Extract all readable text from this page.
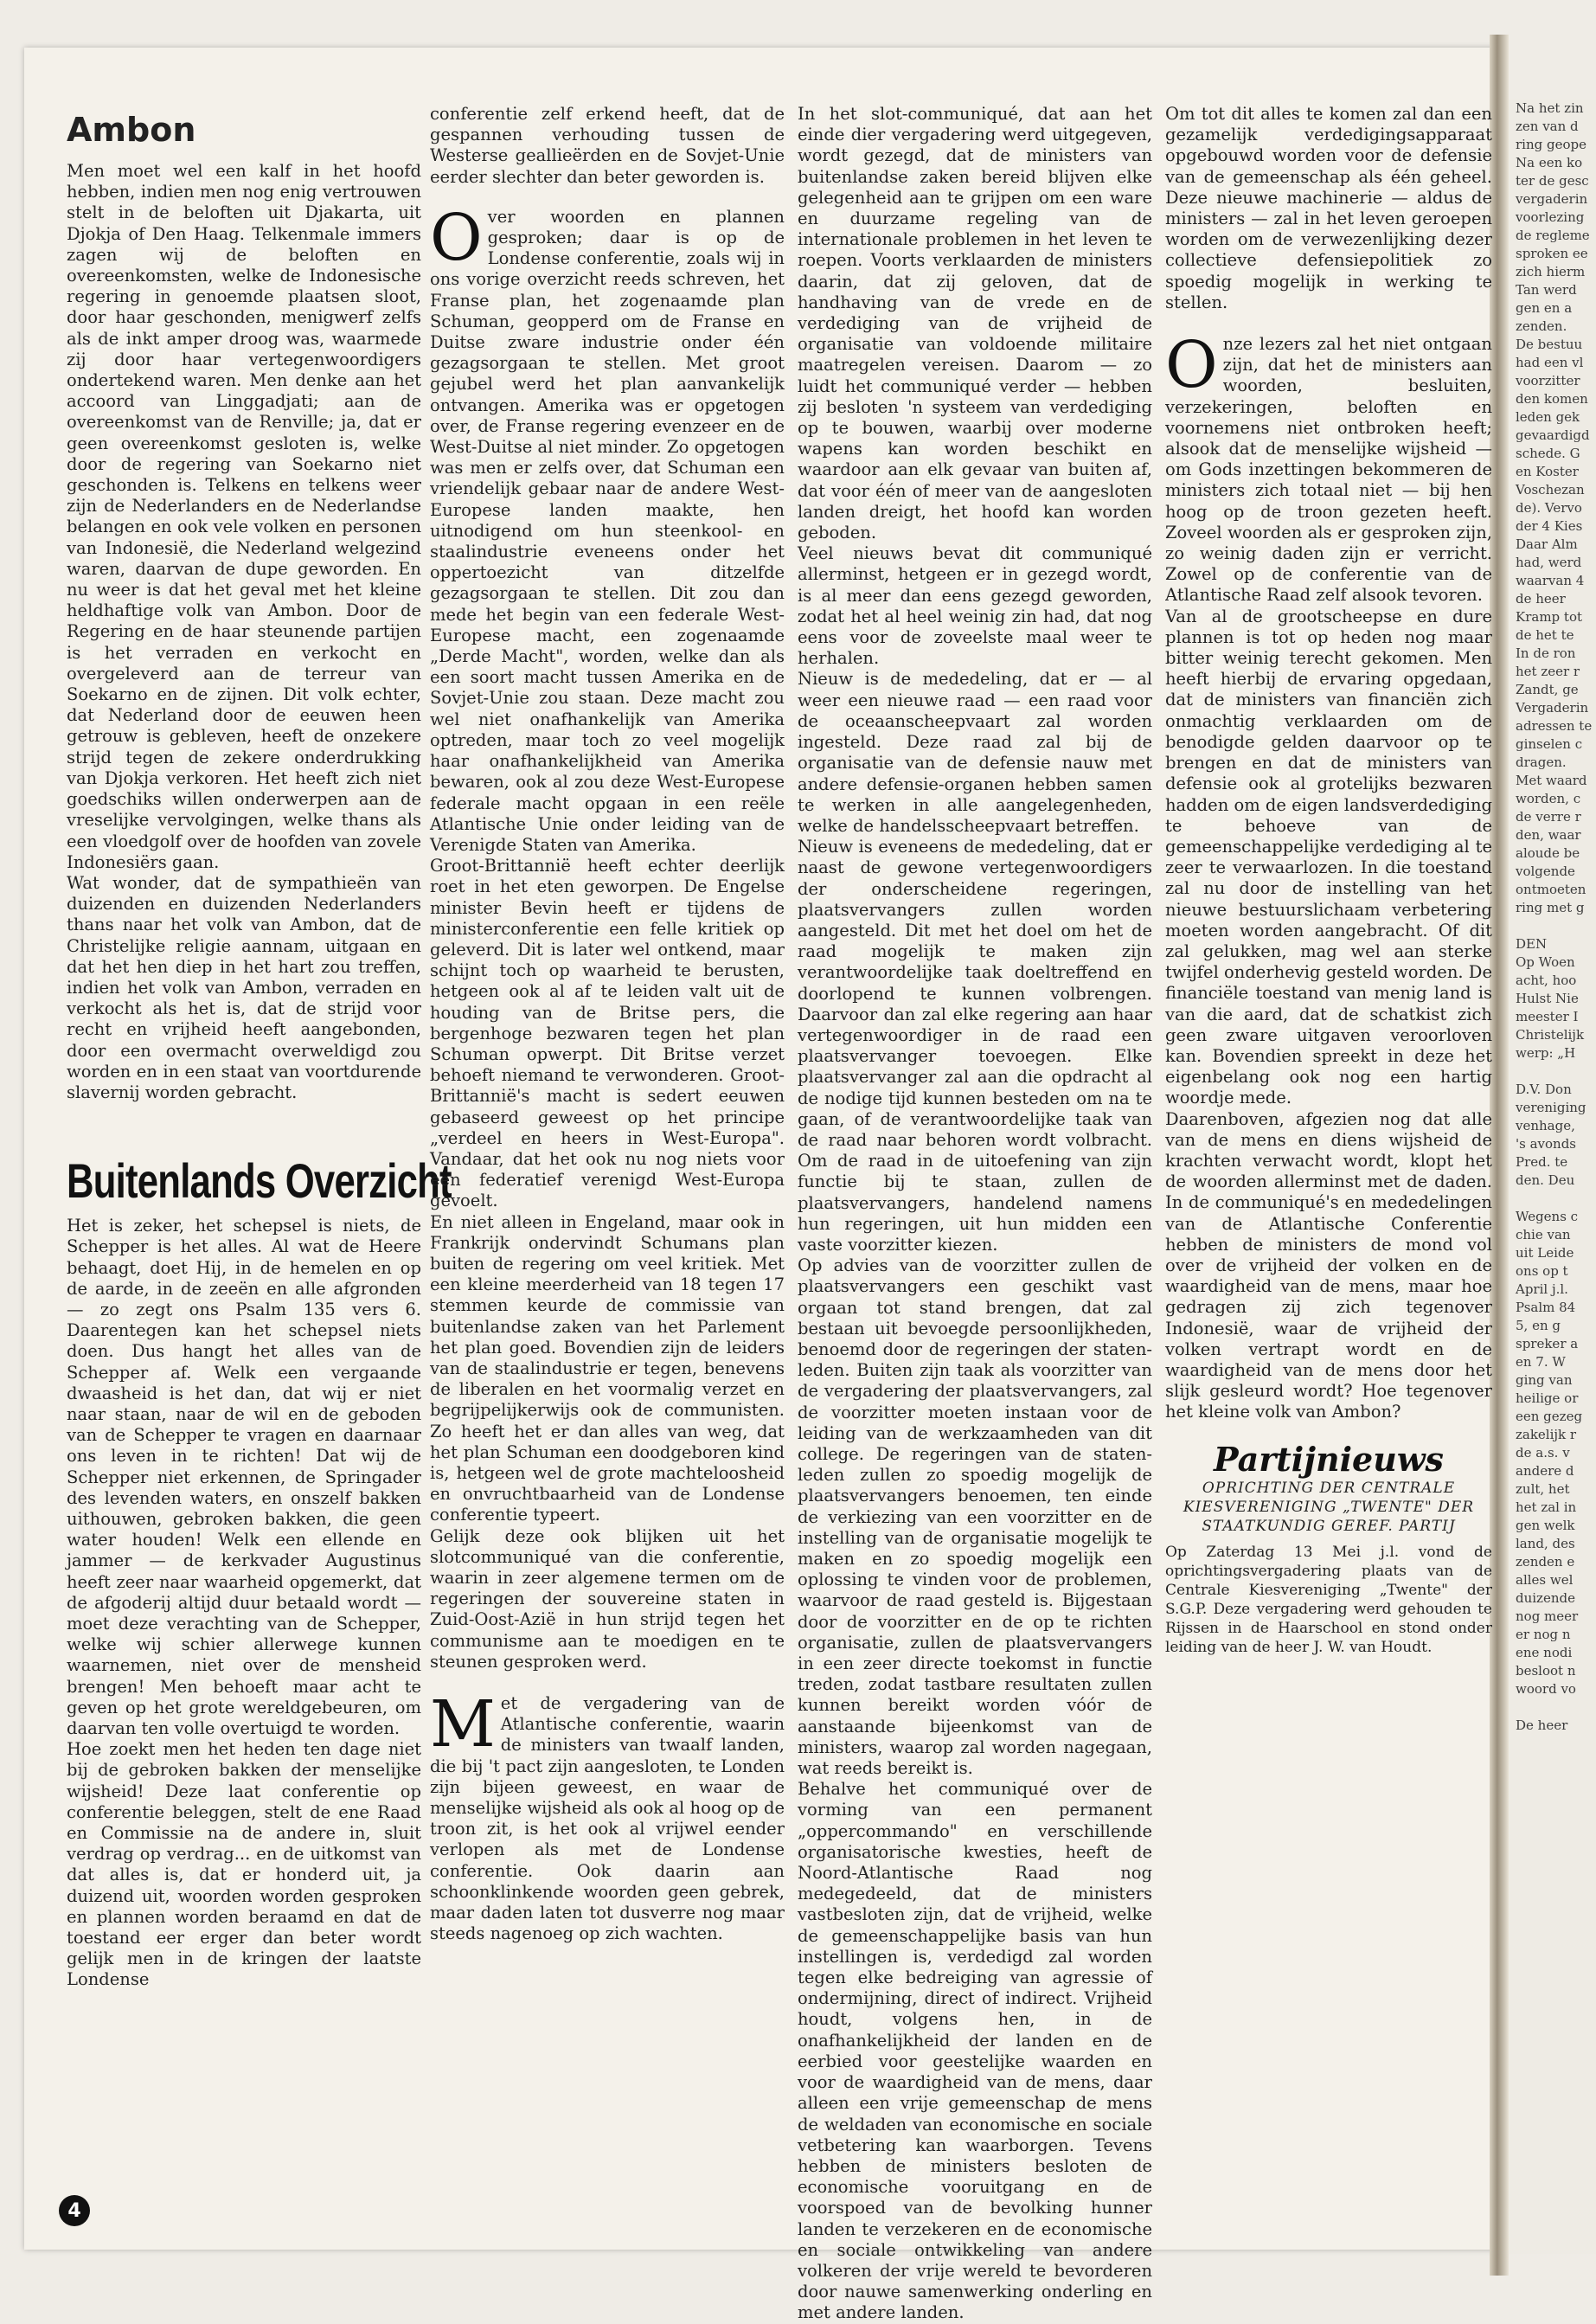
Na het zin
zen van d
ring geope
Na een ko
ter de gesc
vergaderin
voorlezing
de regleme
sproken ee
zich hierm
Tan werd
gen en a
zenden.
De bestuu
had een vl
voorzitter
den komen
leden gek
gevaardigd
schede. G
en Koster
Voschezan
de). Vervo
der 4 Kies
Daar Alm
had, werd
waarvan 4
de heer
Kramp tot
de het te
In de ron
het zeer r
Zandt, ge
Vergaderin
adressen te
ginselen c
dragen.
Met waard
worden, c
de verre r
den, waar
aloude be
volgende
ontmoeten
ring met g

DEN
Op Woen
acht, hoo
Hulst Nie
meester I
Christelijk
werp: „H

D.V. Don
vereniging
venhage,
's avonds
Pred. te
den. Deu

Wegens c
chie van
uit Leide
ons op t
April j.l.
Psalm 84
5, en g
spreker a
en 7. W
ging van
heilige or
een gezeg
zakelijk r
de a.s. v
andere d
zult, het
het zal in
gen welk
land, des
zenden e
alles wel
duizende
nog meer
er nog n
ene nodi
besloot n
woord vo

De heer
Ambon

Men moet wel een kalf in het hoofd hebben, indien men nog enig vertrouwen stelt in de beloften uit Djakarta, uit Djokja of Den Haag. Telkenmale immers zagen wij de beloften en overeenkomsten, welke de Indonesische regering in genoemde plaatsen sloot, door haar geschonden, menigwerf zelfs als de inkt amper droog was, waarmede zij door haar vertegenwoordigers ondertekend waren. Men denke aan het accoord van Linggadjati; aan de overeenkomst van de Renville; ja, dat er geen overeenkomst gesloten is, welke door de regering van Soekarno niet geschonden is. Telkens en telkens weer zijn de Nederlanders en de Nederlandse belangen en ook vele volken en personen van Indonesië, die Nederland welgezind waren, daarvan de dupe geworden. En nu weer is dat het geval met het kleine heldhaftige volk van Ambon. Door de Regering en de haar steunende partijen is het verraden en verkocht en overgeleverd aan de terreur van Soekarno en de zijnen. Dit volk echter, dat Nederland door de eeuwen heen getrouw is gebleven, heeft de onzekere strijd tegen de zekere onderdrukking van Djokja verkoren. Het heeft zich niet goedschiks willen onderwerpen aan de vreselijke vervolgingen, welke thans als een vloedgolf over de hoofden van zovele Indonesiërs gaan.

Wat wonder, dat de sympathieën van duizenden en duizenden Nederlanders thans naar het volk van Ambon, dat de Christelijke religie aannam, uitgaan en dat het hen diep in het hart zou treffen, indien het volk van Ambon, verraden en verkocht als het is, dat de strijd voor recht en vrijheid heeft aangebonden, door een overmacht overweldigd zou worden en in een staat van voortdurende slavernij worden gebracht.

Buitenlands Overzicht

Het is zeker, het schepsel is niets, de Schepper is het alles. Al wat de Heere behaagt, doet Hij, in de hemelen en op de aarde, in de zeeën en alle afgronden — zo zegt ons Psalm 135 vers 6. Daarentegen kan het schepsel niets doen. Dus hangt het alles van de Schepper af. Welk een vergaande dwaasheid is het dan, dat wij er niet naar staan, naar de wil en de geboden van de Schepper te vragen en daarnaar ons leven in te richten! Dat wij de Schepper niet erkennen, de Springader des levenden waters, en onszelf bakken uithouwen, gebroken bakken, die geen water houden! Welk een ellende en jammer — de kerkvader Augustinus heeft zeer naar waarheid opgemerkt, dat de afgoderij altijd duur betaald wordt — moet deze verachting van de Schepper, welke wij schier allerwege kunnen waarnemen, niet over de mensheid brengen! Men behoeft maar acht te geven op het grote wereldgebeuren, om daarvan ten volle overtuigd te worden.

Hoe zoekt men het heden ten dage niet bij de gebroken bakken der menselijke wijsheid! Deze laat conferentie op conferentie beleggen, stelt de ene Raad en Commissie na de andere in, sluit verdrag op verdrag... en de uitkomst van dat alles is, dat er honderd uit, ja duizend uit, woorden worden gesproken en plannen worden beraamd en dat de toestand eer erger dan beter wordt gelijk men in de kringen der laatste Londense

conferentie zelf erkend heeft, dat de gespannen verhouding tussen de Westerse geallieërden en de Sovjet-Unie eerder slechter dan beter geworden is.

Over woorden en plannen gesproken; daar is op de Londense conferentie, zoals wij in ons vorige overzicht reeds schreven, het Franse plan, het zogenaamde plan Schuman, geopperd om de Franse en Duitse zware industrie onder één gezagsorgaan te stellen. Met groot gejubel werd het plan aanvankelijk ontvangen. Amerika was er opgetogen over, de Franse regering evenzeer en de West-Duitse al niet minder. Zo opgetogen was men er zelfs over, dat Schuman een vriendelijk gebaar naar de andere West-Europese landen maakte, hen uitnodigend om hun steenkool- en staalindustrie eveneens onder het oppertoezicht van ditzelfde gezagsorgaan te stellen. Dit zou dan mede het begin van een federale West-Europese macht, een zogenaamde „Derde Macht", worden, welke dan als een soort macht tussen Amerika en de Sovjet-Unie zou staan. Deze macht zou wel niet onafhankelijk van Amerika optreden, maar toch zo veel mogelijk haar onafhankelijkheid van Amerika bewaren, ook al zou deze West-Europese federale macht opgaan in een reële Atlantische Unie onder leiding van de Verenigde Staten van Amerika.

Groot-Brittannië heeft echter deerlijk roet in het eten geworpen. De Engelse minister Bevin heeft er tijdens de ministerconferentie een felle kritiek op geleverd. Dit is later wel ontkend, maar schijnt toch op waarheid te berusten, hetgeen ook al af te leiden valt uit de houding van de Britse pers, die bergenhoge bezwaren tegen het plan Schuman opwerpt. Dit Britse verzet behoeft niemand te verwonderen. Groot-Brittannië's macht is sedert eeuwen gebaseerd geweest op het principe „verdeel en heers in West-Europa". Vandaar, dat het ook nu nog niets voor een federatief verenigd West-Europa gevoelt.

En niet alleen in Engeland, maar ook in Frankrijk ondervindt Schumans plan buiten de regering om veel kritiek. Met een kleine meerderheid van 18 tegen 17 stemmen keurde de commissie van buitenlandse zaken van het Parlement het plan goed. Bovendien zijn de leiders van de staalindustrie er tegen, benevens de liberalen en het voormalig verzet en begrijpelijkerwijs ook de communisten. Zo heeft het er dan alles van weg, dat het plan Schuman een doodgeboren kind is, hetgeen wel de grote machteloosheid en onvruchtbaarheid van de Londense conferentie typeert.

Gelijk deze ook blijken uit het slotcommuniqué van die conferentie, waarin in zeer algemene termen om de regeringen der souvereine staten in Zuid-Oost-Azië in hun strijd tegen het communisme aan te moedigen en te steunen gesproken werd.

Met de vergadering van de Atlantische conferentie, waarin de ministers van twaalf landen, die bij 't pact zijn aangesloten, te Londen zijn bijeen geweest, en waar de menselijke wijsheid als ook al hoog op de troon zit, is het ook al vrijwel eender verlopen als met de Londense conferentie. Ook daarin aan schoonklinkende woorden geen gebrek, maar daden laten tot dusverre nog maar steeds nagenoeg op zich wachten.

In het slot-communiqué, dat aan het einde dier vergadering werd uitgegeven, wordt gezegd, dat de ministers van buitenlandse zaken bereid blijven elke gelegenheid aan te grijpen om een ware en duurzame regeling van de internationale problemen in het leven te roepen. Voorts verklaarden de ministers daarin, dat zij geloven, dat de handhaving van de vrede en de verdediging van de vrijheid de organisatie van voldoende militaire maatregelen vereisen. Daarom — zo luidt het communiqué verder — hebben zij besloten 'n systeem van verdediging op te bouwen, waarbij over moderne wapens kan worden beschikt en waardoor aan elk gevaar van buiten af, dat voor één of meer van de aangesloten landen dreigt, het hoofd kan worden geboden.

Veel nieuws bevat dit communiqué allerminst, hetgeen er in gezegd wordt, is al meer dan eens gezegd geworden, zodat het al heel weinig zin had, dat nog eens voor de zoveelste maal weer te herhalen.

Nieuw is de mededeling, dat er — al weer een nieuwe raad — een raad voor de oceaanscheepvaart zal worden ingesteld. Deze raad zal bij de organisatie van de defensie nauw met andere defensie-organen hebben samen te werken in alle aangelegenheden, welke de handelsscheepvaart betreffen.

Nieuw is eveneens de mededeling, dat er naast de gewone vertegenwoordigers der onderscheidene regeringen, plaatsvervangers zullen worden aangesteld. Dit met het doel om het de raad mogelijk te maken zijn verantwoordelijke taak doeltreffend en doorlopend te kunnen volbrengen. Daarvoor dan zal elke regering aan haar vertegenwoordiger in de raad een plaatsvervanger toevoegen. Elke plaatsvervanger zal aan die opdracht al de nodige tijd kunnen besteden om na te gaan, of de verantwoordelijke taak van de raad naar behoren wordt volbracht. Om de raad in de uitoefening van zijn functie bij te staan, zullen de plaatsvervangers, handelend namens hun regeringen, uit hun midden een vaste voorzitter kiezen.

Op advies van de voorzitter zullen de plaatsvervangers een geschikt vast orgaan tot stand brengen, dat zal bestaan uit bevoegde persoonlijkheden, benoemd door de regeringen der staten-leden. Buiten zijn taak als voorzitter van de vergadering der plaatsvervangers, zal de voorzitter moeten instaan voor de leiding van de werkzaamheden van dit college. De regeringen van de staten-leden zullen zo spoedig mogelijk de plaatsvervangers benoemen, ten einde de verkiezing van een voorzitter en de instelling van de organisatie mogelijk te maken en zo spoedig mogelijk een oplossing te vinden voor de problemen, waarvoor de raad gesteld is. Bijgestaan door de voorzitter en de op te richten organisatie, zullen de plaatsvervangers in een zeer directe toekomst in functie treden, zodat tastbare resultaten zullen kunnen bereikt worden vóór de aanstaande bijeenkomst van de ministers, waarop zal worden nagegaan, wat reeds bereikt is.

Behalve het communiqué over de vorming van een permanent „oppercommando" en verschillende organisatorische kwesties, heeft de Noord-Atlantische Raad nog medegedeeld, dat de ministers vastbesloten zijn, dat de vrijheid, welke de gemeenschappelijke basis van hun instellingen is, verdedigd zal worden tegen elke bedreiging van agressie of ondermijning, direct of indirect. Vrijheid houdt, volgens hen, in de onafhankelijkheid der landen en de eerbied voor geestelijke waarden en voor de waardigheid van de mens, daar alleen een vrije gemeenschap de mens de weldaden van economische en sociale vetbetering kan waarborgen. Tevens hebben de ministers besloten de economische vooruitgang en de voorspoed van de bevolking hunner landen te verzekeren en de economische en sociale ontwikkeling van andere volkeren der vrije wereld te bevorderen door nauwe samenwerking onderling en met andere landen.

Om tot dit alles te komen zal dan een gezamelijk verdedigingsapparaat opgebouwd worden voor de defensie van de gemeenschap als één geheel. Deze nieuwe machinerie — aldus de ministers — zal in het leven geroepen worden om de verwezenlijking dezer collectieve defensiepolitiek zo spoedig mogelijk in werking te stellen.

Onze lezers zal het niet ontgaan zijn, dat het de ministers aan woorden, besluiten, verzekeringen, beloften en voornemens niet ontbroken heeft; alsook dat de menselijke wijsheid — om Gods inzettingen bekommeren de ministers zich totaal niet — bij hen hoog op de troon gezeten heeft. Zoveel woorden als er gesproken zijn, zo weinig daden zijn er verricht. Zowel op de conferentie van de Atlantische Raad zelf alsook tevoren.

Van al de grootscheepse en dure plannen is tot op heden nog maar bitter weinig terecht gekomen. Men heeft hierbij de ervaring opgedaan, dat de ministers van financiën zich onmachtig verklaarden om de benodigde gelden daarvoor op te brengen en dat de ministers van defensie ook al grotelijks bezwaren hadden om de eigen landsverdediging te behoeve van de gemeenschappelijke verdediging al te zeer te verwaarlozen. In die toestand zal nu door de instelling van het nieuwe bestuurslichaam verbetering moeten worden aangebracht. Of dit zal gelukken, mag wel aan sterke twijfel onderhevig gesteld worden. De financiële toestand van menig land is van die aard, dat de schatkist zich geen zware uitgaven veroorloven kan. Bovendien spreekt in deze het eigenbelang ook nog een hartig woordje mede.

Daarenboven, afgezien nog dat alle van de mens en diens wijsheid de krachten verwacht wordt, klopt het de woorden allerminst met de daden. In de communiqué's en mededelingen van de Atlantische Conferentie hebben de ministers de mond vol over de vrijheid der volken en de waardigheid van de mens, maar hoe gedragen zij zich tegenover Indonesië, waar de vrijheid der volken vertrapt wordt en de waardigheid van de mens door het slijk gesleurd wordt? Hoe tegenover het kleine volk van Ambon?

Partijnieuws
OPRICHTING DER CENTRALE KIESVERENIGING „TWENTE" DER STAATKUNDIG GEREF. PARTIJ

Op Zaterdag 13 Mei j.l. vond de oprichtingsvergadering plaats van de Centrale Kiesvereniging „Twente" der S.G.P. Deze vergadering werd gehouden te Rijssen in de Haarschool en stond onder leiding van de heer J. W. van Houdt.

4
